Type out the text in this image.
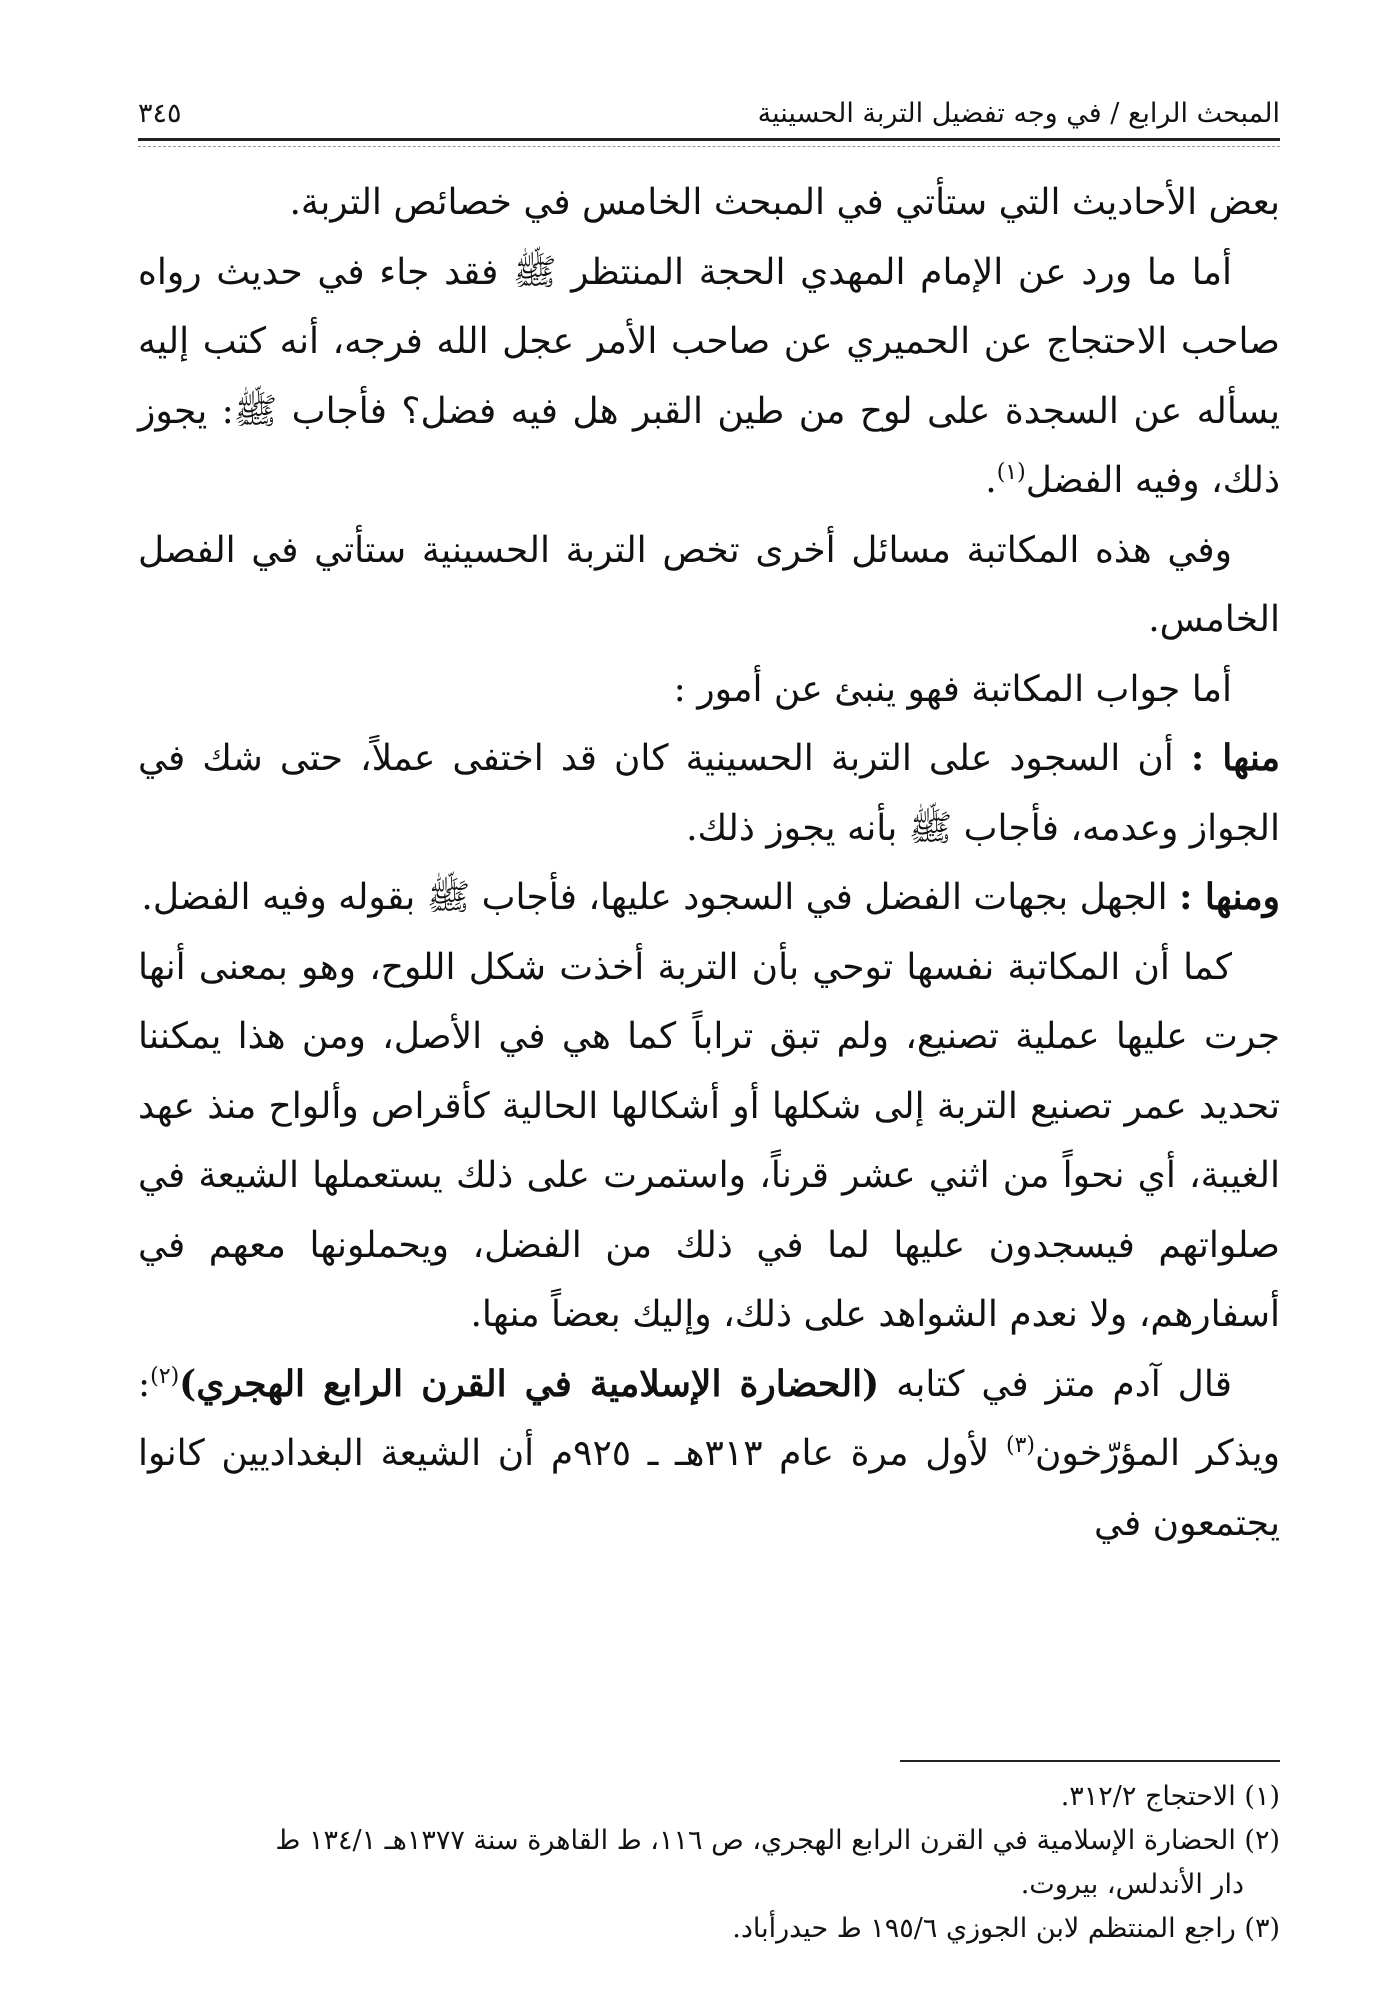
المبحث الرابع / في وجه تفضيل التربة الحسينية
٣٤٥

بعض الأحاديث التي ستأتي في المبحث الخامس في خصائص التربة.

أما ما ورد عن الإمام المهدي الحجة المنتظر ﷺ فقد جاء في حديث رواه صاحب الاحتجاج عن الحميري عن صاحب الأمر عجل الله فرجه، أنه كتب إليه يسأله عن السجدة على لوح من طين القبر هل فيه فضل؟ فأجاب ﷺ: يجوز ذلك، وفيه الفضل$^{(١)}$.

وفي هذه المكاتبة مسائل أخرى تخص التربة الحسينية ستأتي في الفصل الخامس.

أما جواب المكاتبة فهو ينبئ عن أمور :

منها : أن السجود على التربة الحسينية كان قد اختفى عملاً، حتى شك في الجواز وعدمه، فأجاب ﷺ بأنه يجوز ذلك.

ومنها : الجهل بجهات الفضل في السجود عليها، فأجاب ﷺ بقوله وفيه الفضل.

كما أن المكاتبة نفسها توحي بأن التربة أخذت شكل اللوح، وهو بمعنى أنها جرت عليها عملية تصنيع، ولم تبق تراباً كما هي في الأصل، ومن هذا يمكننا تحديد عمر تصنيع التربة إلى شكلها أو أشكالها الحالية كأقراص وألواح منذ عهد الغيبة، أي نحواً من اثني عشر قرناً، واستمرت على ذلك يستعملها الشيعة في صلواتهم فيسجدون عليها لما في ذلك من الفضل، ويحملونها معهم في أسفارهم، ولا نعدم الشواهد على ذلك، وإليك بعضاً منها.

قال آدم متز في كتابه (الحضارة الإسلامية في القرن الرابع الهجري)$^{(٢)}$: ويذكر المؤرّخون$^{(٣)}$ لأول مرة عام ٣١٣هـ ـ ٩٢٥م أن الشيعة البغداديين كانوا يجتمعون في

(١) الاحتجاج ٣١٢/٢.

(٢) الحضارة الإسلامية في القرن الرابع الهجري، ص ١١٦، ط القاهرة سنة ١٣٧٧هـ ١٣٤/١ ط

دار الأندلس، بيروت.

(٣) راجع المنتظم لابن الجوزي ١٩٥/٦ ط حيدرأباد.
